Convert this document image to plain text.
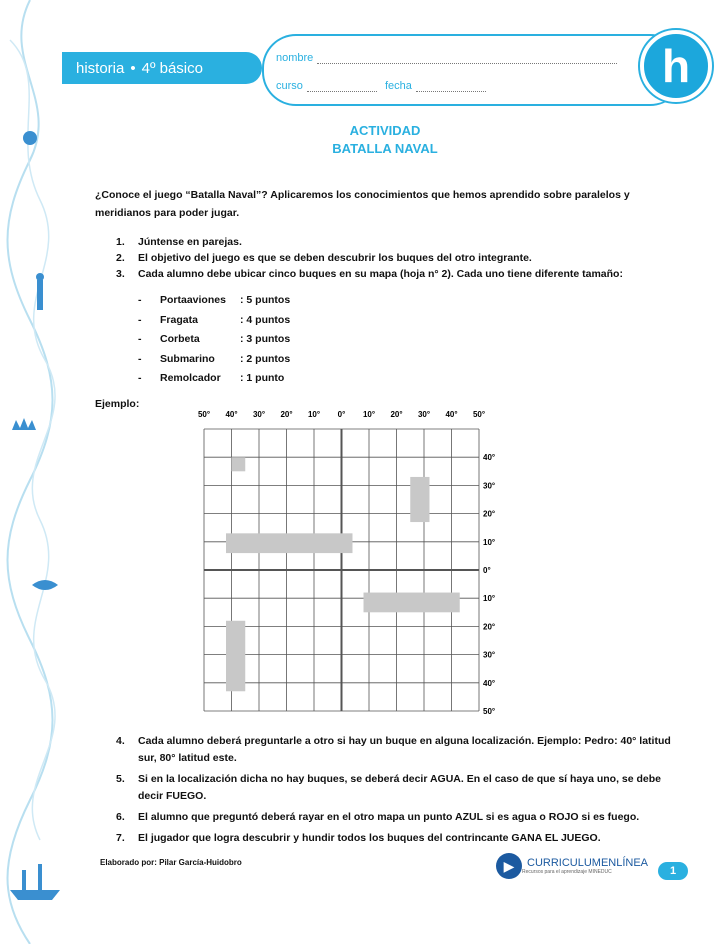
historia • 4º básico
nombre
curso	fecha	h
ACTIVIDAD
BATALLA NAVAL
¿Conoce el juego “Batalla Naval”? Aplicaremos los conocimientos que hemos aprendido sobre paralelos y meridianos para poder jugar.
1. Júntense en parejas.
2. El objetivo del juego es que se deben descubrir los buques del otro integrante.
3. Cada alumno debe ubicar cinco buques en su mapa (hoja n° 2). Cada uno tiene diferente tamaño:
-	Portaaviones	: 5 puntos
-	Fragata	: 4 puntos
-	Corbeta	: 3 puntos
-	Submarino	: 2 puntos
-	Remolcador	: 1 punto
Ejemplo:
50° 40° 30° 20° 10° 0° 10° 20° 30° 40° 50°
40°
30°
20°
10°
0°
10°
20°
30°
40°
50°
4. Cada alumno deberá preguntarle a otro si hay un buque en alguna localización. Ejemplo: Pedro: 40° latitud sur, 80° latitud este.
5. Si en la localización dicha no hay buques, se deberá decir AGUA. En el caso de que sí haya uno, se debe decir FUEGO.
6. El alumno que preguntó deberá rayar en el otro mapa un punto AZUL si es agua o ROJO si es fuego.
7. El jugador que logra descubrir y hundir todos los buques del contrincante GANA EL JUEGO.
Elaborado por: Pilar García-Huidobro	▶	CURRICULUMENLÍNEA
Recursos para el aprendizaje MINEDUC	1
